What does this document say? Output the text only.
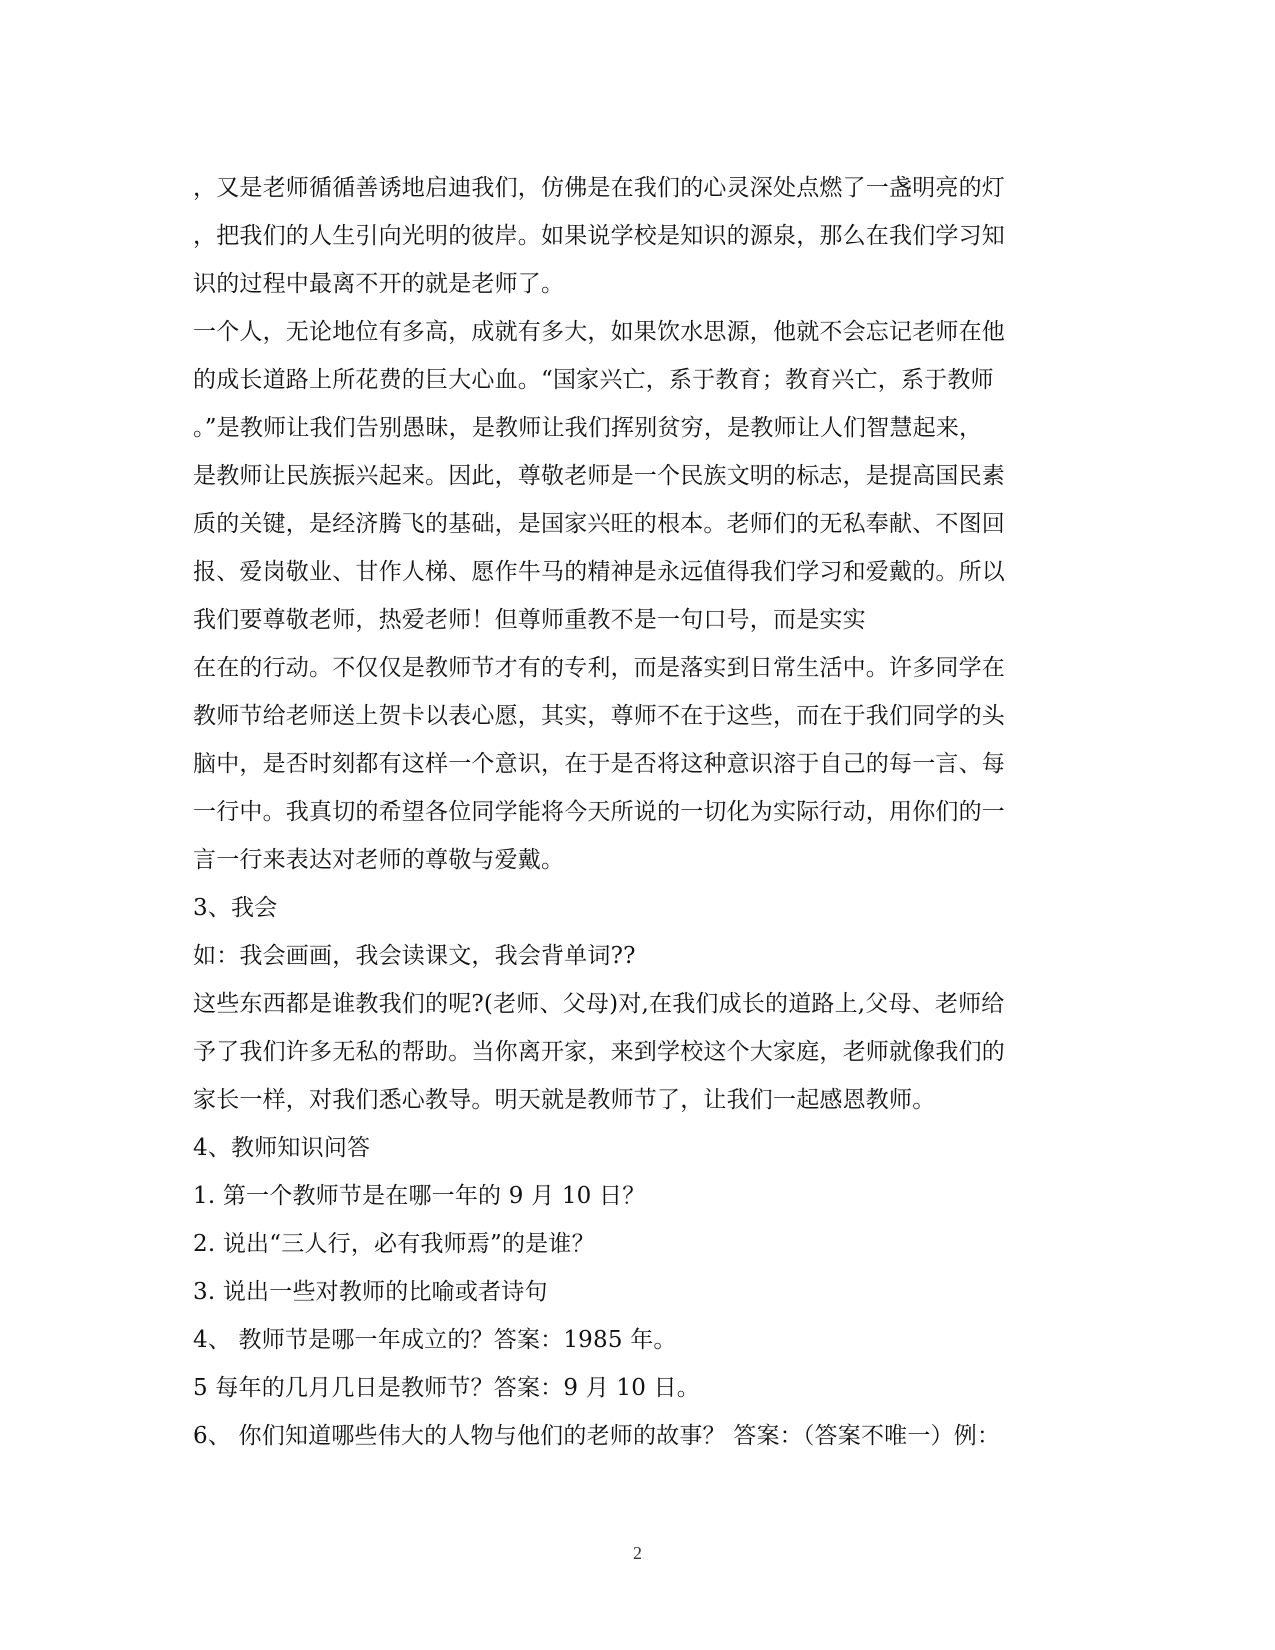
，又是老师循循善诱地启迪我们，仿佛是在我们的心灵深处点燃了一盏明亮的灯
，把我们的人生引向光明的彼岸。如果说学校是知识的源泉，那么在我们学习知
识的过程中最离不开的就是老师了。
一个人，无论地位有多高，成就有多大，如果饮水思源，他就不会忘记老师在他
的成长道路上所花费的巨大心血。“国家兴亡，系于教育；教育兴亡，系于教师
。”是教师让我们告别愚昧，是教师让我们挥别贫穷，是教师让人们智慧起来，
是教师让民族振兴起来。因此，尊敬老师是一个民族文明的标志，是提高国民素
质的关键，是经济腾飞的基础，是国家兴旺的根本。老师们的无私奉献、不图回
报、爱岗敬业、甘作人梯、愿作牛马的精神是永远值得我们学习和爱戴的。所以
我们要尊敬老师，热爱老师！但尊师重教不是一句口号，而是实实
在在的行动。不仅仅是教师节才有的专利，而是落实到日常生活中。许多同学在
教师节给老师送上贺卡以表心愿，其实，尊师不在于这些，而在于我们同学的头
脑中，是否时刻都有这样一个意识，在于是否将这种意识溶于自己的每一言、每
一行中。我真切的希望各位同学能将今天所说的一切化为实际行动，用你们的一
言一行来表达对老师的尊敬与爱戴。
3、我会
如：我会画画，我会读课文，我会背单词??
这些东西都是谁教我们的呢?(老师、父母)对,在我们成长的道路上,父母、老师给
予了我们许多无私的帮助。当你离开家，来到学校这个大家庭，老师就像我们的
家长一样，对我们悉心教导。明天就是教师节了，让我们一起感恩教师。
4、教师知识问答
1. 第一个教师节是在哪一年的 9 月 10 日？
2. 说出“三人行，必有我师焉”的是谁？
3. 说出一些对教师的比喻或者诗句
4、 教师节是哪一年成立的？答案：1985 年。
5 每年的几月几日是教师节？答案：9 月 10 日。
6、 你们知道哪些伟大的人物与他们的老师的故事？ 答案：（答案不唯一）例：
2
